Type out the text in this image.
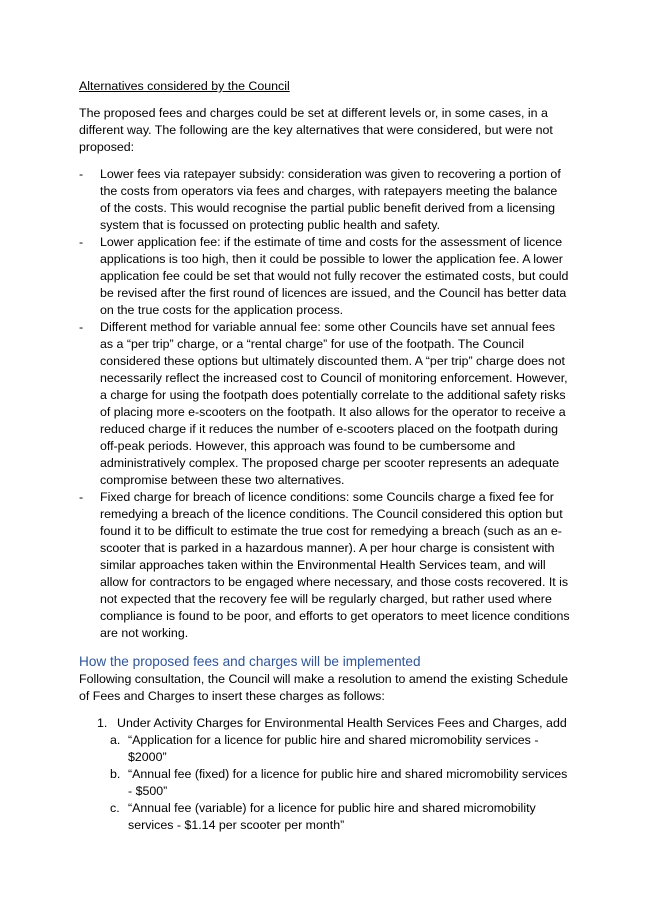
Alternatives considered by the Council

The proposed fees and charges could be set at different levels or, in some cases, in a different way. The following are the key alternatives that were considered, but were not proposed:

- Lower fees via ratepayer subsidy: consideration was given to recovering a portion of the costs from operators via fees and charges, with ratepayers meeting the balance of the costs. This would recognise the partial public benefit derived from a licensing system that is focussed on protecting public health and safety.
- Lower application fee: if the estimate of time and costs for the assessment of licence applications is too high, then it could be possible to lower the application fee. A lower application fee could be set that would not fully recover the estimated costs, but could be revised after the first round of licences are issued, and the Council has better data on the true costs for the application process.
- Different method for variable annual fee: some other Councils have set annual fees as a “per trip” charge, or a “rental charge” for use of the footpath. The Council considered these options but ultimately discounted them. A “per trip” charge does not necessarily reflect the increased cost to Council of monitoring enforcement. However, a charge for using the footpath does potentially correlate to the additional safety risks of placing more e-scooters on the footpath. It also allows for the operator to receive a reduced charge if it reduces the number of e-scooters placed on the footpath during off-peak periods. However, this approach was found to be cumbersome and administratively complex. The proposed charge per scooter represents an adequate compromise between these two alternatives.
- Fixed charge for breach of licence conditions: some Councils charge a fixed fee for remedying a breach of the licence conditions. The Council considered this option but found it to be difficult to estimate the true cost for remedying a breach (such as an e-scooter that is parked in a hazardous manner). A per hour charge is consistent with similar approaches taken within the Environmental Health Services team, and will allow for contractors to be engaged where necessary, and those costs recovered. It is not expected that the recovery fee will be regularly charged, but rather used where compliance is found to be poor, and efforts to get operators to meet licence conditions are not working.
How the proposed fees and charges will be implemented

Following consultation, the Council will make a resolution to amend the existing Schedule of Fees and Charges to insert these charges as follows:

1. Under Activity Charges for Environmental Health Services Fees and Charges, add
a. “Application for a licence for public hire and shared micromobility services - $2000”
b. “Annual fee (fixed) for a licence for public hire and shared micromobility services - $500”
c. “Annual fee (variable) for a licence for public hire and shared micromobility services - $1.14 per scooter per month”
